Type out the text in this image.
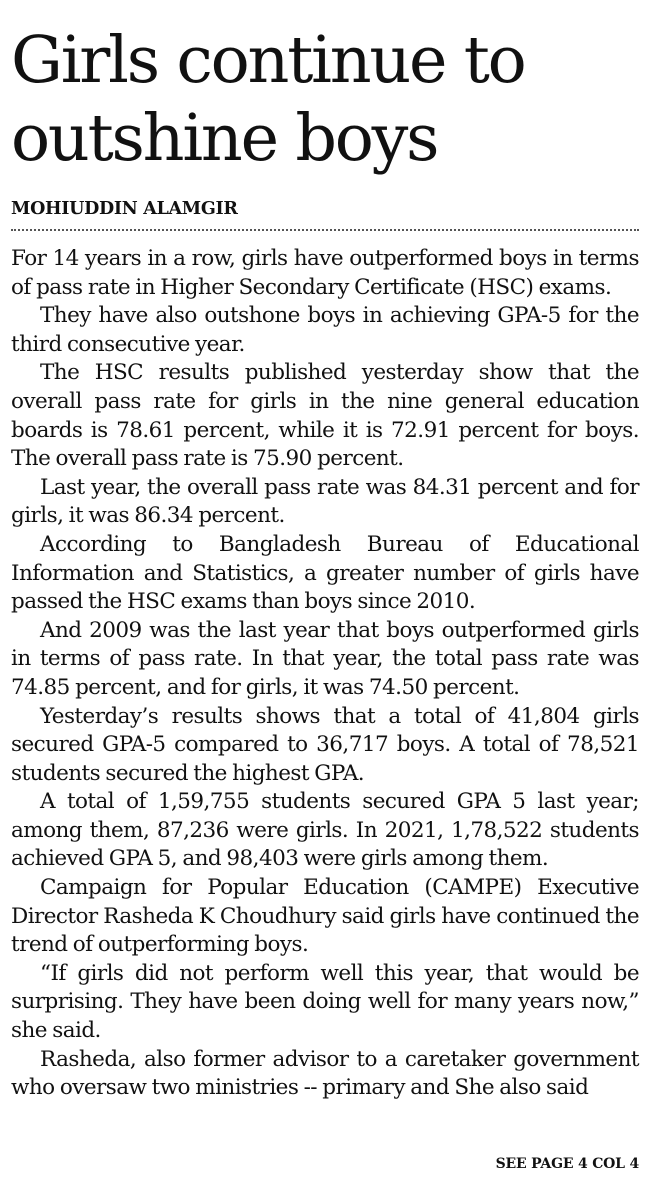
Girls continue to outshine boys
MOHIUDDIN ALAMGIR

For 14 years in a row, girls have outperformed boys in terms of pass rate in Higher Secondary Certificate (HSC) exams.

They have also outshone boys in achieving GPA-5 for the third consecutive year.

The HSC results published yesterday show that the overall pass rate for girls in the nine general education boards is 78.61 percent, while it is 72.91 percent for boys. The overall pass rate is 75.90 percent.

Last year, the overall pass rate was 84.31 percent and for girls, it was 86.34 percent.

According to Bangladesh Bureau of Educational Information and Statistics, a greater number of girls have passed the HSC exams than boys since 2010.

And 2009 was the last year that boys outperformed girls in terms of pass rate. In that year, the total pass rate was 74.85 percent, and for girls, it was 74.50 percent.

Yesterday’s results shows that a total of 41,804 girls secured GPA-5 compared to 36,717 boys. A total of 78,521 students secured the highest GPA.

A total of 1,59,755 students secured GPA 5 last year; among them, 87,236 were girls. In 2021, 1,78,522 students achieved GPA 5, and 98,403 were girls among them.

Campaign for Popular Education (CAMPE) Executive Director Rasheda K Choudhury said girls have continued the trend of outperforming boys.

“If girls did not perform well this year, that would be surprising. They have been doing well for many years now,” she said.

Rasheda, also former advisor to a caretaker government who oversaw two ministries -- primary and She also said

SEE PAGE 4 COL 4
